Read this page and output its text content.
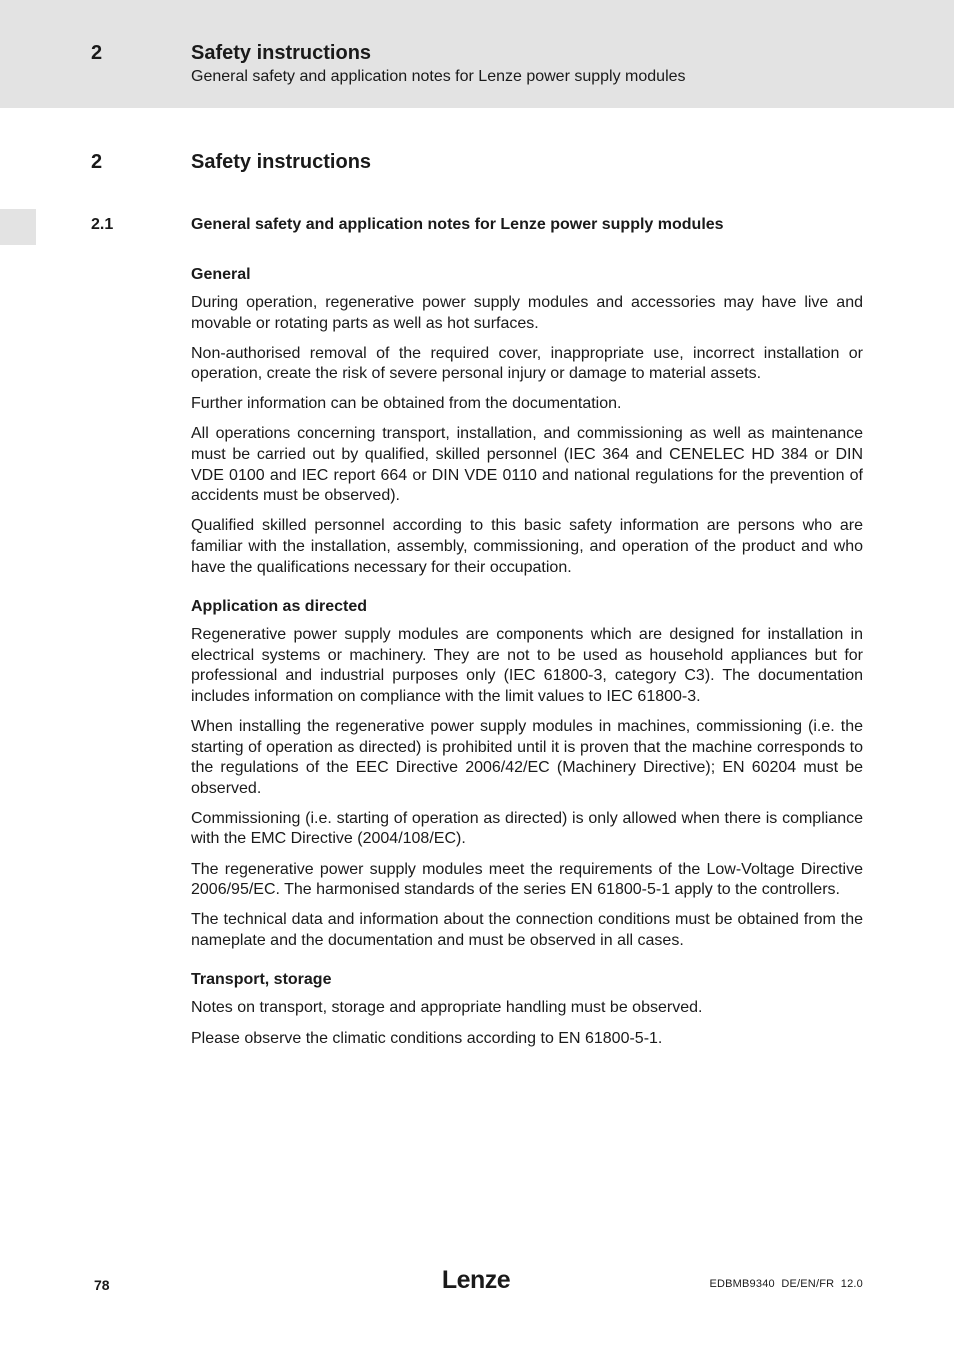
2	Safety instructions
General safety and application notes for Lenze power supply modules
2	Safety instructions
2.1	General safety and application notes for Lenze power supply modules
General

During operation, regenerative power supply modules and accessories may have live and movable or rotating parts as well as hot surfaces.

Non-authorised removal of the required cover, inappropriate use, incorrect installation or operation, create the risk of severe personal injury or damage to material assets.

Further information can be obtained from the documentation.

All operations concerning transport, installation, and commissioning as well as maintenance must be carried out by qualified, skilled personnel (IEC 364 and CENELEC HD 384 or DIN VDE 0100 and IEC report 664 or DIN VDE 0110 and national regulations for the prevention of accidents must be observed).

Qualified skilled personnel according to this basic safety information are persons who are familiar with the installation, assembly, commissioning, and operation of the product and who have the qualifications necessary for their occupation.

Application as directed

Regenerative power supply modules are components which are designed for installation in electrical systems or machinery. They are not to be used as household appliances but for professional and industrial purposes only (IEC 61800-3, category C3). The documentation includes information on compliance with the limit values to IEC 61800-3.

When installing the regenerative power supply modules in machines, commissioning (i.e. the starting of operation as directed) is prohibited until it is proven that the machine corresponds to the regulations of the EEC Directive 2006/42/EC (Machinery Directive); EN 60204 must be observed.

Commissioning (i.e. starting of operation as directed) is only allowed when there is compliance with the EMC Directive (2004/108/EC).

The regenerative power supply modules meet the requirements of the Low-Voltage Directive 2006/95/EC. The harmonised standards of the series EN 61800-5-1 apply to the controllers.

The technical data and information about the connection conditions must be obtained from the nameplate and the documentation and must be observed in all cases.

Transport, storage

Notes on transport, storage and appropriate handling must be observed.

Please observe the climatic conditions according to EN 61800-5-1.

78	Lenze	EDBMB9340  DE/EN/FR  12.0
